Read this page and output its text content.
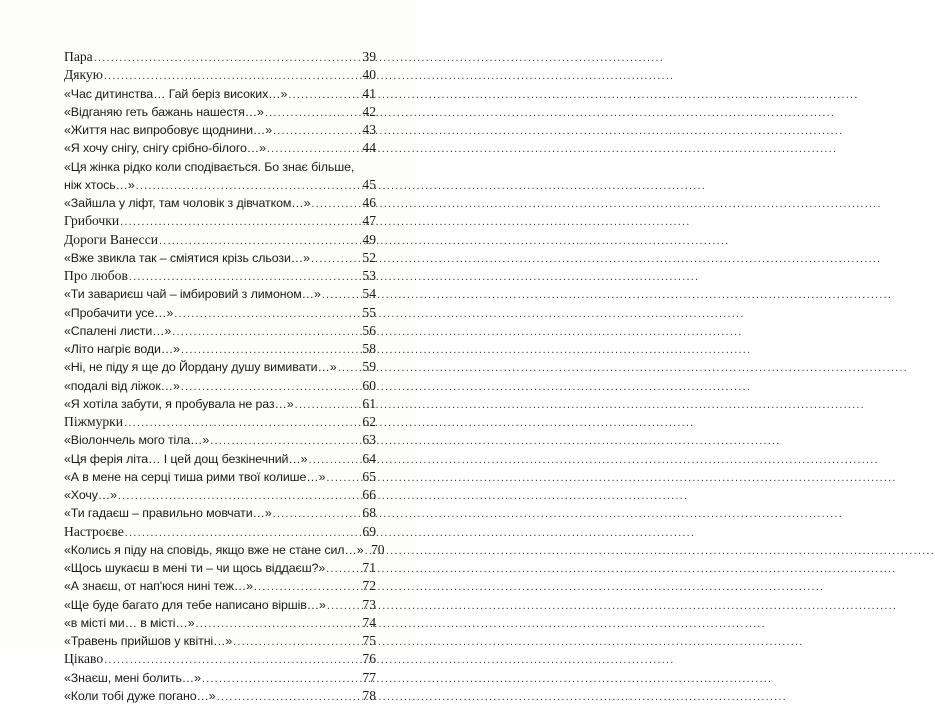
Пара .....	39
Дякую .....	40
«Час дитинства… Гай беріз високих…» .....	41
«Відганяю геть бажань нашестя…» .....	42
«Життя нас випробовує щоднини…» .....	43
«Я хочу снігу, снігу срібно-білого…» .....	44
«Ця жінка рідко коли сподівається. Бо знає більше,
ніж хтось…» .....	45
«Зайшла у ліфт, там чоловік з дівчатком…» .....	46
Грибочки .....	47
Дороги Ванесси .....	49
«Вже звикла так – сміятися крізь сльози…» .....	52
Про любов .....	53
«Ти завариєш чай – імбировий з лимоном…» .....	54
«Пробачити усе…» .....	55
«Спалені листи…» .....	56
«Літо нагріє води…» .....	58
«Ні, не піду я ще до Йордану душу вимивати…» .....	59
«подалі від лiжок…» .....	60
«Я хотіла забути, я пробувала не раз…» .....	61
Піжмурки .....	62
«Віолончель мого тіла…» .....	63
«Ця ферія літа… І цей дощ безкінечний…» .....	64
«А в мене на серці тиша рими твої колише…» .....	65
«Хочу…» .....	66
«Ти гадаєш – правильно мовчати…» .....	68
Настроєве .....	69
«Колись я піду на сповідь, якщо вже не стане сил…» 70
«Щось шукаєш в мені ти – чи щось віддаєш?» .....	71
«А знаєш, от нап'юся нині теж…» .....	72
«Ще буде багато для тебе написано віршів…» .....	73
«в місті ми… в місті…» .....	74
«Травень прийшов у квітні…» .....	75
Цікаво .....	76
«Знаєш, мені болить…» .....	77
«Коли тобі дуже погано…» .....	78
